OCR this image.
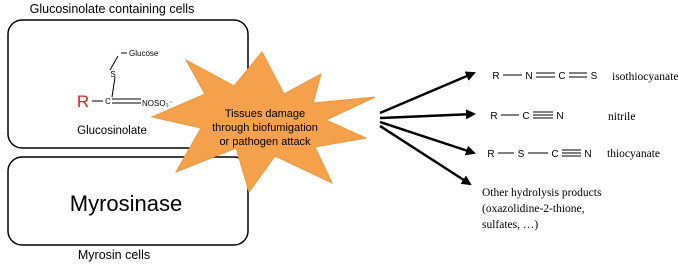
Glucosinolate containing cells
Myrosinase
Myrosin cells
Glucose
S
C
R	NOSO₃⁻
Glucosinolate
Tissues damage
through biofumigation
or pathogen attack
R	N	C	S isothiocyanate
R C	N	nitrile
R S	C	N thiocyanate
Other hydrolysis products
(oxazolidine-2-thione,
sulfates, …)
